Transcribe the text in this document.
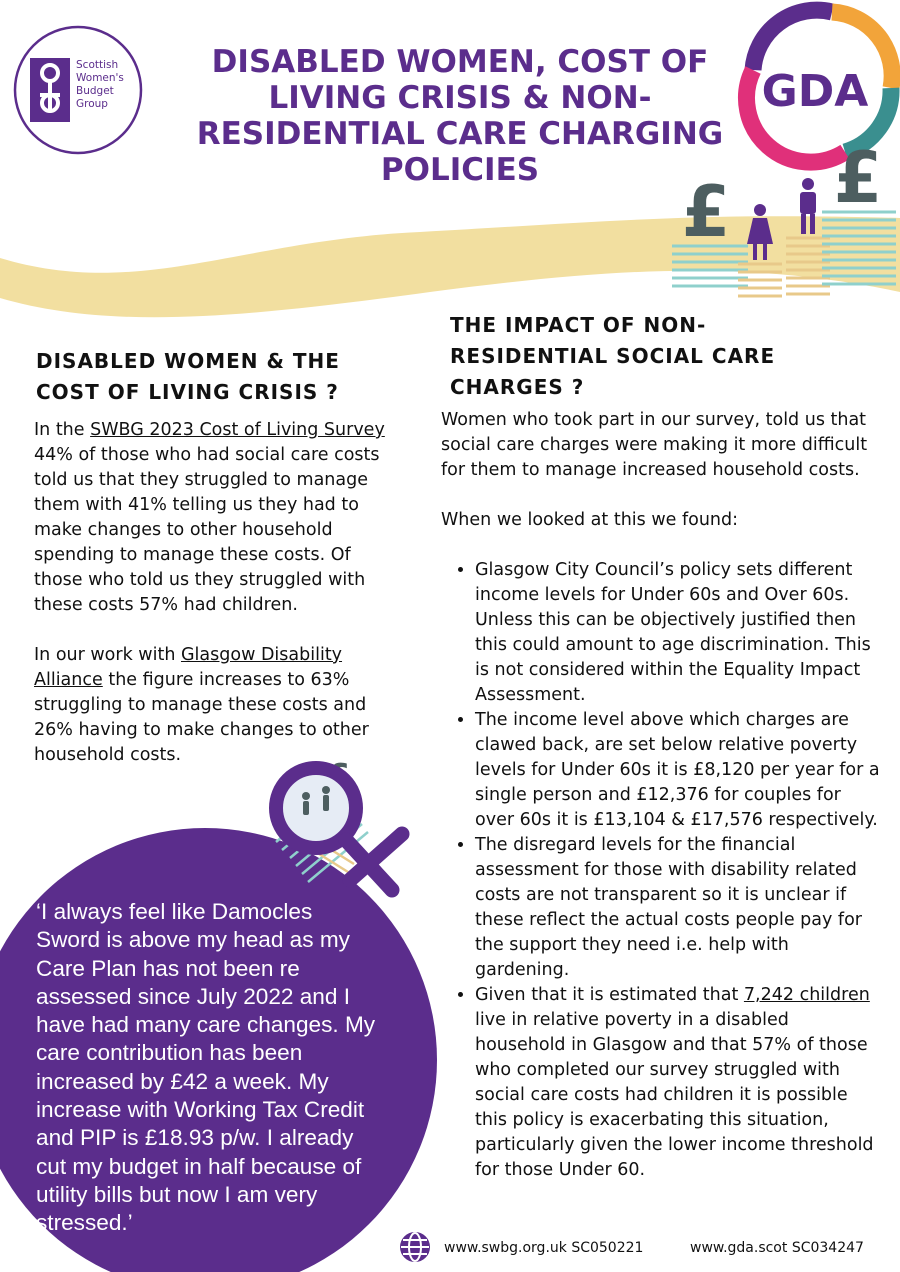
GDA
£ £
Scottish
Women's
Budget
Group
DISABLED WOMEN, COST OF LIVING CRISIS & NON-RESIDENTIAL CARE CHARGING POLICIES
DISABLED WOMEN & THE COST OF LIVING CRISIS ?

In the SWBG 2023 Cost of Living Survey 44% of those who had social care costs told us that they struggled to manage them with 41% telling us they had to make changes to other household spending to manage these costs. Of those who told us they struggled with these costs 57% had children.

In our work with Glasgow Disability Alliance the figure increases to 63% struggling to manage these costs and 26% having to make changes to other household costs.

‘I always feel like Damocles Sword is above my head as my Care Plan has not been re assessed since July 2022 and I have had many care changes. My care contribution has been increased by £42 a week. My increase with Working Tax Credit and PIP is £18.93 p/w. I already cut my budget in half because of utility bills but now I am very stressed.’
THE IMPACT OF NON-RESIDENTIAL SOCIAL CARE CHARGES ?

Women who took part in our survey, told us that social care charges were making it more difficult for them to manage increased household costs.

When we looked at this we found:

• Glasgow City Council’s policy sets different income levels for Under 60s and Over 60s. Unless this can be objectively justified then this could amount to age discrimination. This is not considered within the Equality Impact Assessment.
• The income level above which charges are clawed back, are set below relative poverty levels for Under 60s it is £8,120 per year for a single person and £12,376 for couples for over 60s it is £13,104 & £17,576 respectively.
• The disregard levels for the financial assessment for those with disability related costs are not transparent so it is unclear if these reflect the actual costs people pay for the support they need i.e. help with gardening.
• Given that it is estimated that 7,242 children live in relative poverty in a disabled household in Glasgow and that 57% of those who completed our survey struggled with social care costs had children it is possible this policy is exacerbating this situation, particularly given the lower income threshold for those Under 60.
www.swbg.org.uk SC050221	www.gda.scot SC034247
